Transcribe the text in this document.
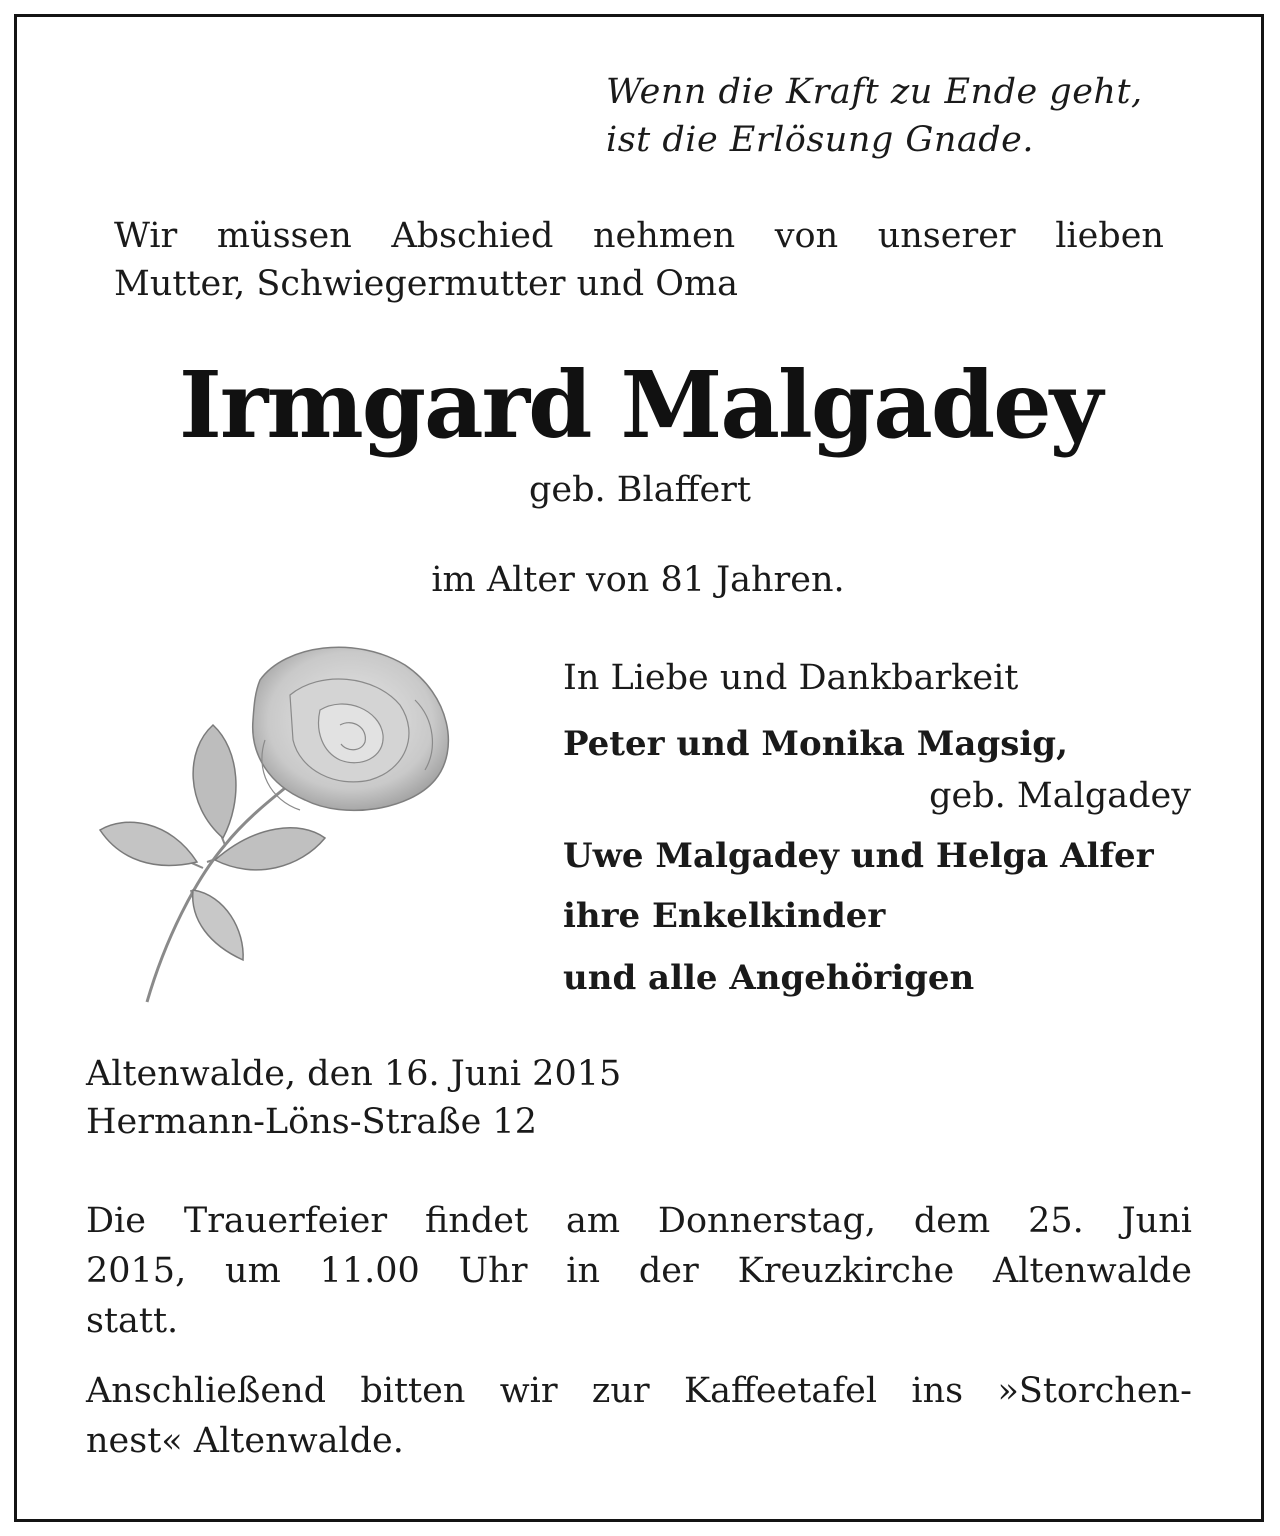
Wenn die Kraft zu Ende geht,
ist die Erlösung Gnade.
Wir müssen Abschied nehmen von unserer lieben
Mutter, Schwiegermutter und Oma
Irmgard Malgadey
geb. Blaffert
im Alter von 81 Jahren.
In Liebe und Dankbarkeit
Peter und Monika Magsig,
geb. Malgadey
Uwe Malgadey und Helga Alfer
ihre Enkelkinder
und alle Angehörigen
Altenwalde, den 16. Juni 2015
Hermann-Löns-Straße 12
Die Trauerfeier findet am Donnerstag, dem 25. Juni
2015, um 11.00 Uhr in der Kreuzkirche Altenwalde
statt.
Anschließend bitten wir zur Kaffeetafel ins »Storchen-
nest« Altenwalde.
